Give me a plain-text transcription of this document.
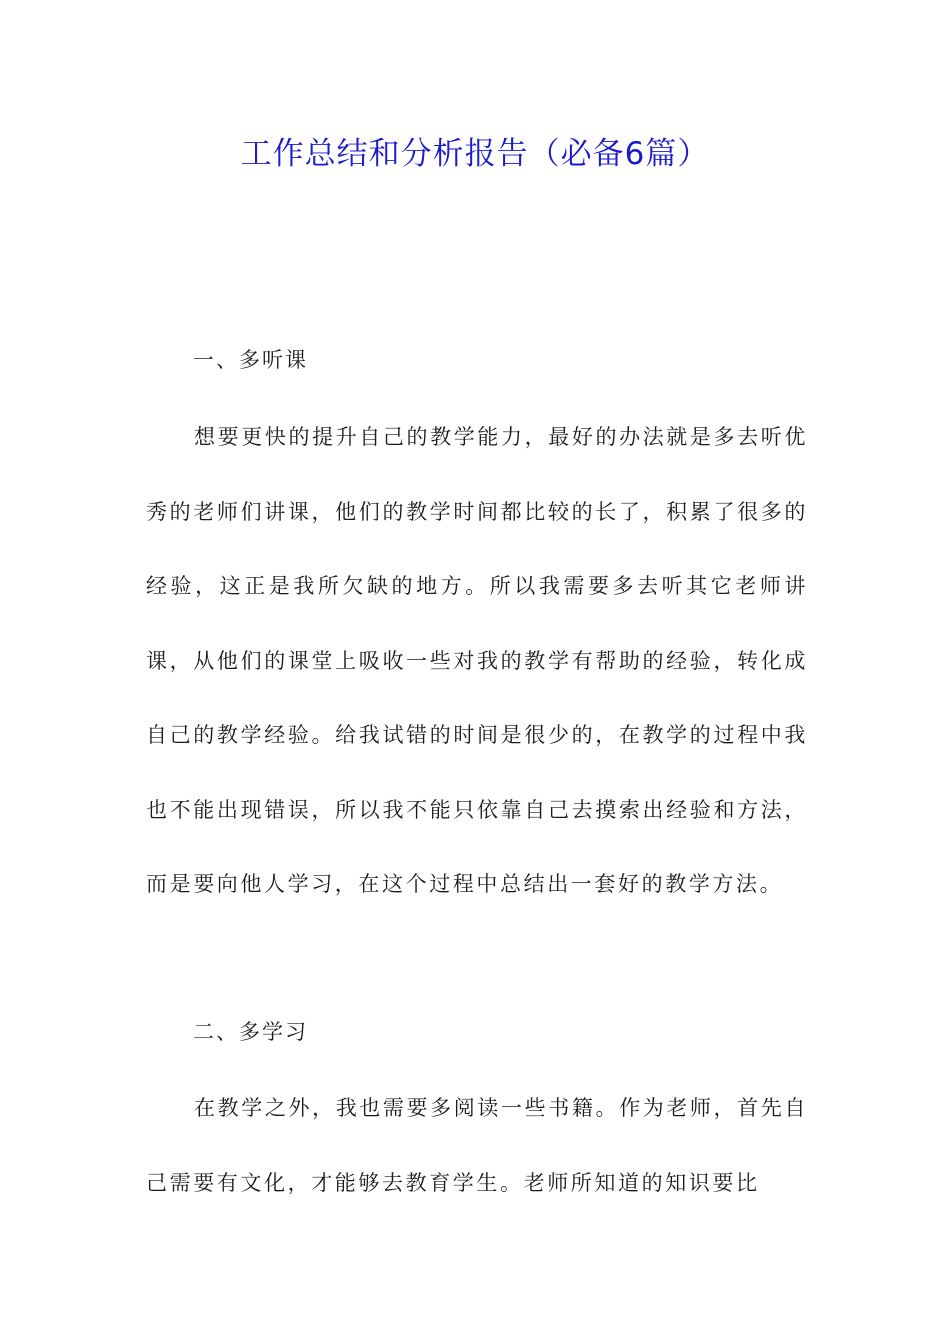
工作总结和分析报告（必备6篇）

一、多听课

想要更快的提升自己的教学能力，最好的办法就是多去听优秀的老师们讲课，他们的教学时间都比较的长了，积累了很多的经验，这正是我所欠缺的地方。所以我需要多去听其它老师讲课，从他们的课堂上吸收一些对我的教学有帮助的经验，转化成自己的教学经验。给我试错的时间是很少的，在教学的过程中我也不能出现错误，所以我不能只依靠自己去摸索出经验和方法，而是要向他人学习，在这个过程中总结出一套好的教学方法。

二、多学习

在教学之外，我也需要多阅读一些书籍。作为老师，首先自己需要有文化，才能够去教育学生。老师所知道的知识要比
